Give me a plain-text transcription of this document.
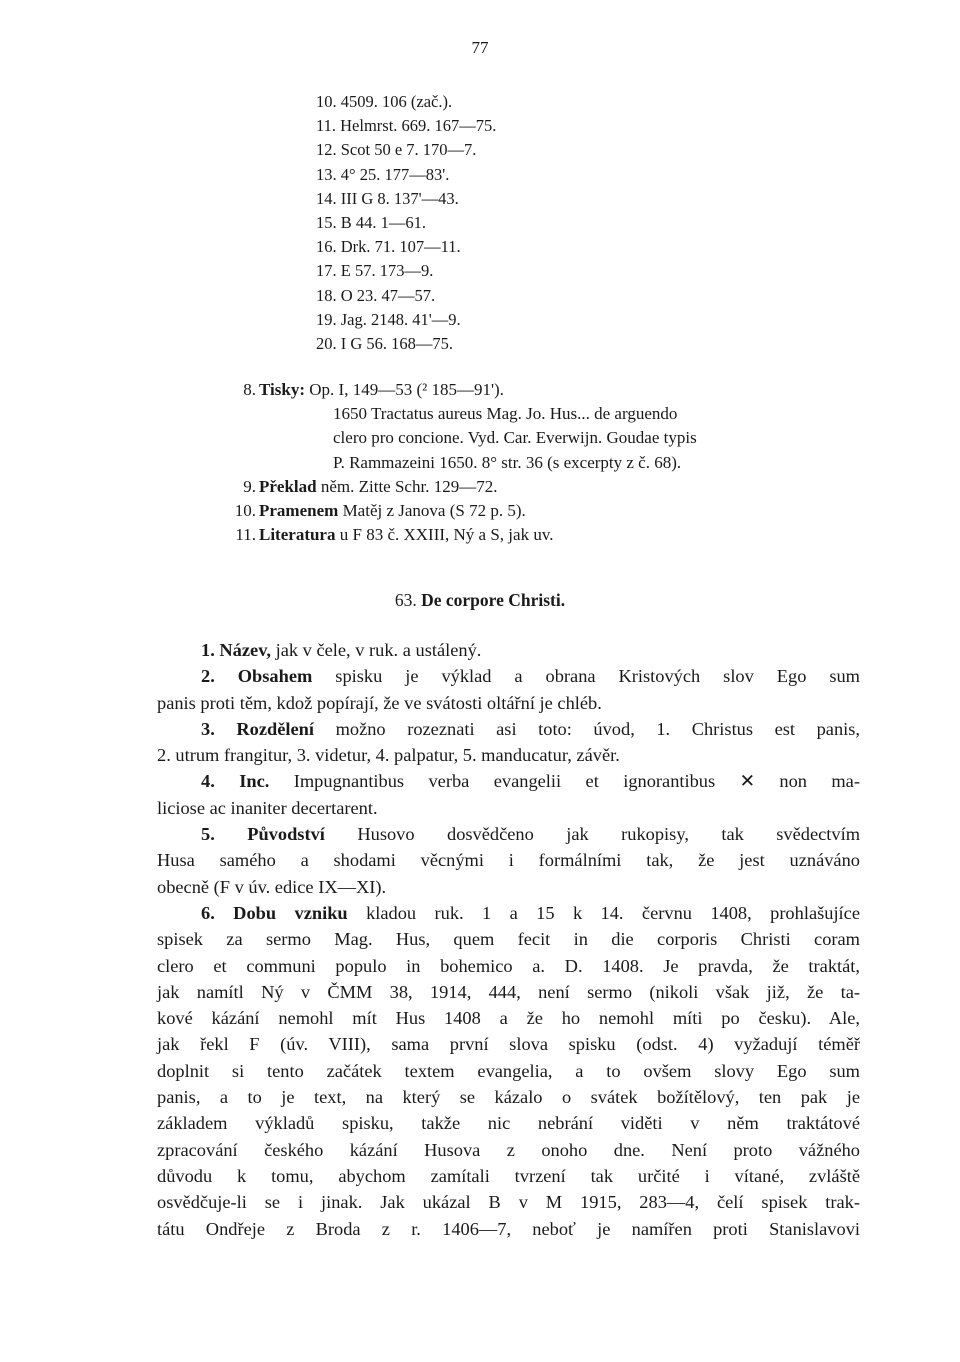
77
10. 4509. 106 (zač.).
11. Helmrst. 669. 167—75.
12. Scot 50 e 7. 170—7.
13. 4° 25. 177—83'.
14. III G 8. 137'—43.
15. B 44. 1—61.
16. Drk. 71. 107—11.
17. E 57. 173—9.
18. O 23. 47—57.
19. Jag. 2148. 41'—9.
20. I G 56. 168—75.
8. Tisky: Op. I, 149—53 (² 185—91').
1650 Tractatus aureus Mag. Jo. Hus... de arguendo
clero pro concione. Vyd. Car. Everwijn. Goudae typis
P. Rammazeini 1650. 8° str. 36 (s excerpty z č. 68).
9. Překlad něm. Zitte Schr. 129—72.
10. Pramenem Matěj z Janova (S 72 p. 5).
11. Literatura u F 83 č. XXIII, Ný a S, jak uv.
63. De corpore Christi.
1. Název, jak v čele, v ruk. a ustálený.
2. Obsahem spisku je výklad a obrana Kristových slov Ego sum
panis proti těm, kdož popírají, že ve svátosti oltářní je chléb.
3. Rozdělení možno rozeznati asi toto: úvod, 1. Christus est panis,
2. utrum frangitur, 3. videtur, 4. palpatur, 5. manducatur, závěr.
4. Inc. Impugnantibus verba evangelii et ignorantibus ✕ non ma-
liciose ac inaniter decertarent.
5. Původství Husovo dosvědčeno jak rukopisy, tak svědectvím
Husa samého a shodami věcnými i formálními tak, že jest uznáváno
obecně (F v úv. edice IX—XI).
6. Dobu vzniku kladou ruk. 1 a 15 k 14. červnu 1408, prohlašujíce
spisek za sermo Mag. Hus, quem fecit in die corporis Christi coram
clero et communi populo in bohemico a. D. 1408. Je pravda, že traktát,
jak namítl Ný v ČMM 38, 1914, 444, není sermo (nikoli však již, že ta-
kové kázání nemohl mít Hus 1408 a že ho nemohl míti po česku). Ale,
jak řekl F (úv. VIII), sama první slova spisku (odst. 4) vyžadují téměř
doplnit si tento začátek textem evangelia, a to ovšem slovy Ego sum
panis, a to je text, na který se kázalo o svátek božítělový, ten pak je
základem výkladů spisku, takže nic nebrání viděti v něm traktátové
zpracování českého kázání Husova z onoho dne. Není proto vážného
důvodu k tomu, abychom zamítali tvrzení tak určité i vítané, zvláště
osvědčuje-li se i jinak. Jak ukázal B v M 1915, 283—4, čelí spisek trak-
tátu Ondřeje z Broda z r. 1406—7, neboť je namířen proti Stanislavovi
